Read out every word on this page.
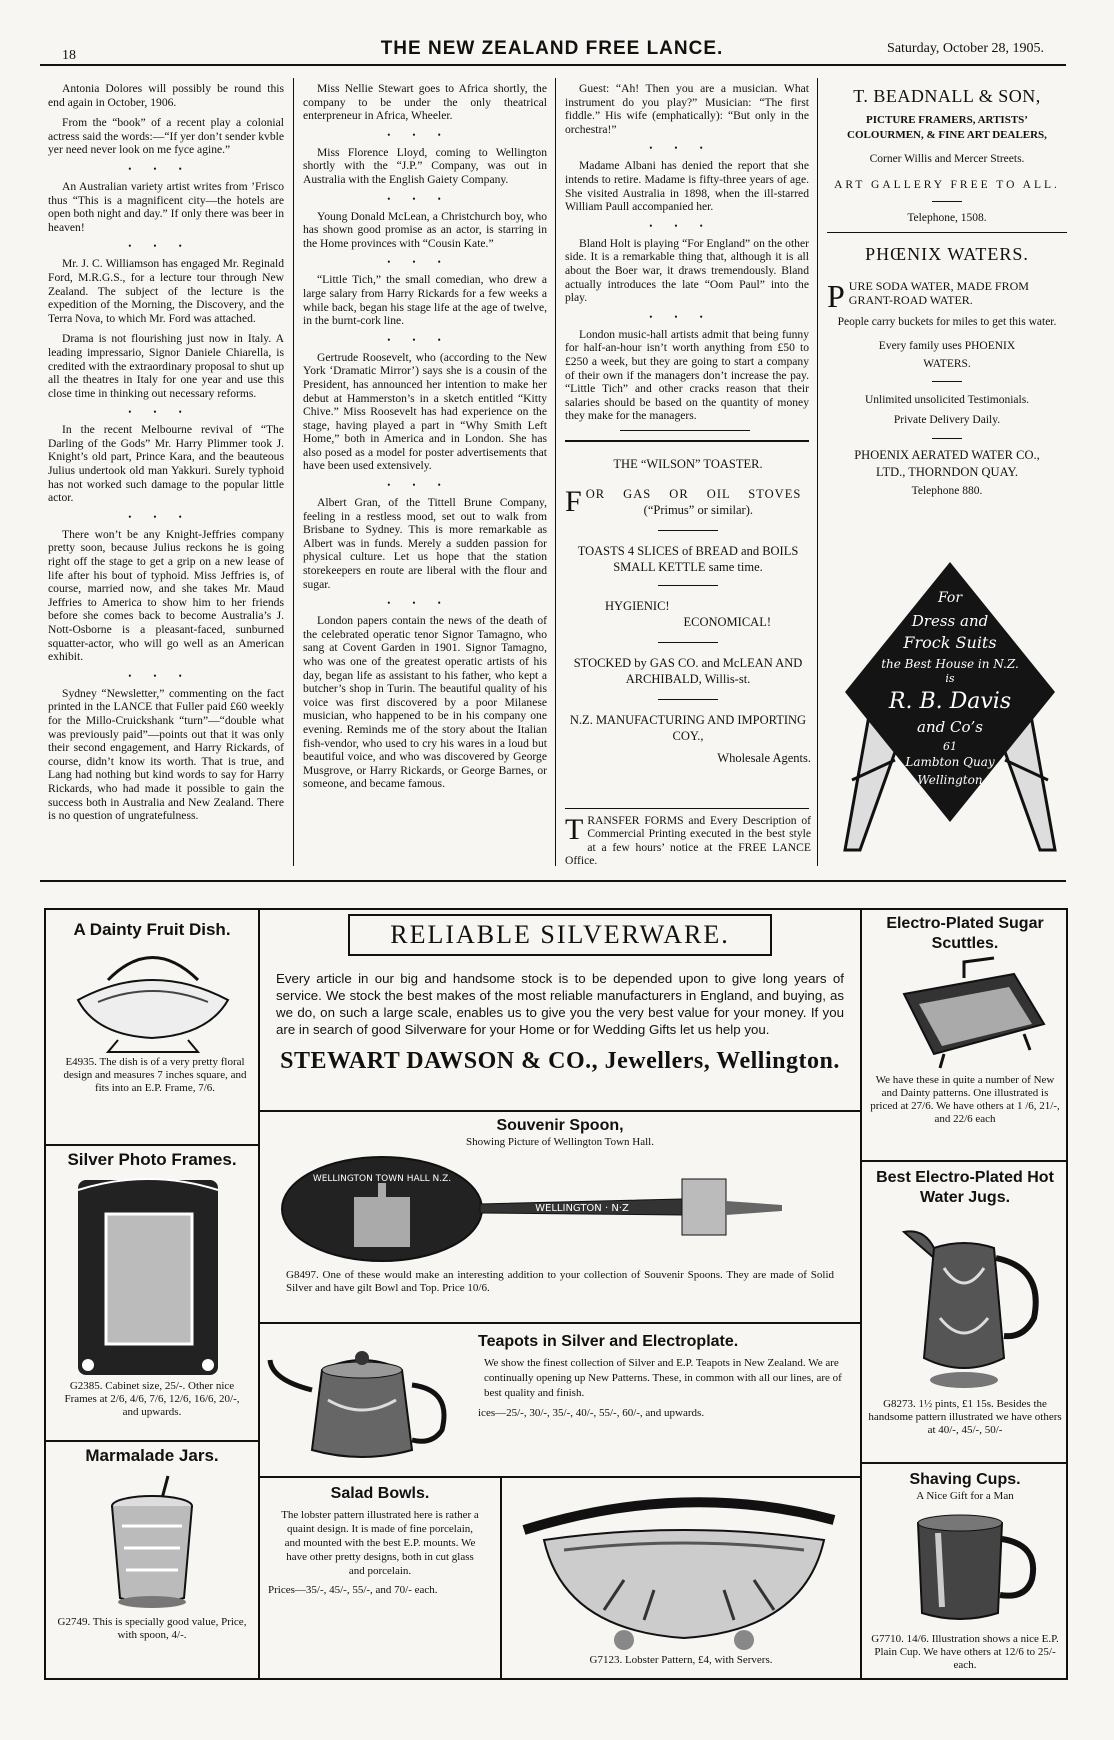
18	THE NEW ZEALAND FREE LANCE.	Saturday, October 28, 1905.

Antonia Dolores will possibly be round this end again in October, 1906.

From the “book” of a recent play a colonial actress said the words:—“If yer don’t sender kvble yer need never look on me fyce agine.”

•••

An Australian variety artist writes from ’Frisco thus “This is a magnificent city—the hotels are open both night and day.” If only there was beer in heaven!

•••

Mr. J. C. Williamson has engaged Mr. Reginald Ford, M.R.G.S., for a lecture tour through New Zealand. The subject of the lecture is the expedition of the Morning, the Discovery, and the Terra Nova, to which Mr. Ford was attached.

Drama is not flourishing just now in Italy. A leading impressario, Signor Daniele Chiarella, is credited with the extraordinary proposal to shut up all the theatres in Italy for one year and use this close time in thinking out necessary reforms.

•••

In the recent Melbourne revival of “The Darling of the Gods” Mr. Harry Plimmer took J. Knight’s old part, Prince Kara, and the beauteous Julius undertook old man Yakkuri. Surely typhoid has not worked such damage to the popular little actor.

•••

There won’t be any Knight-Jeffries company pretty soon, because Julius reckons he is going right off the stage to get a grip on a new lease of life after his bout of typhoid. Miss Jeffries is, of course, married now, and she takes Mr. Maud Jeffries to America to show him to her friends before she comes back to become Australia’s J. Nott-Osborne is a pleasant-faced, sunburned squatter-actor, who will go well as an American exhibit.

•••

Sydney “Newsletter,” commenting on the fact printed in the LANCE that Fuller paid £60 weekly for the Millo-Cruickshank “turn”—“double what was previously paid”—points out that it was only their second engagement, and Harry Rickards, of course, didn’t know its worth. That is true, and Lang had nothing but kind words to say for Harry Rickards, who had made it possible to gain the success both in Australia and New Zealand. There is no question of ungratefulness.

Miss Nellie Stewart goes to Africa shortly, the company to be under the only theatrical enterpreneur in Africa, Wheeler.

•••

Miss Florence Lloyd, coming to Wellington shortly with the “J.P.” Company, was out in Australia with the English Gaiety Company.

•••

Young Donald McLean, a Christchurch boy, who has shown good promise as an actor, is starring in the Home provinces with “Cousin Kate.”

•••

“Little Tich,” the small comedian, who drew a large salary from Harry Rickards for a few weeks a while back, began his stage life at the age of twelve, in the burnt-cork line.

•••

Gertrude Roosevelt, who (according to the New York ‘Dramatic Mirror’) says she is a cousin of the President, has announced her intention to make her debut at Hammerston’s in a sketch entitled “Kitty Chive.” Miss Roosevelt has had experience on the stage, having played a part in “Why Smith Left Home,” both in America and in London. She has also posed as a model for poster advertisements that have been used extensively.

•••

Albert Gran, of the Tittell Brune Company, feeling in a restless mood, set out to walk from Brisbane to Sydney. This is more remarkable as Albert was in funds. Merely a sudden passion for physical culture. Let us hope that the station storekeepers en route are liberal with the flour and sugar.

•••

London papers contain the news of the death of the celebrated operatic tenor Signor Tamagno, who sang at Covent Garden in 1901. Signor Tamagno, who was one of the greatest operatic artists of his day, began life as assistant to his father, who kept a butcher’s shop in Turin. The beautiful quality of his voice was first discovered by a poor Milanese musician, who happened to be in his company one evening. Reminds me of the story about the Italian fish-vendor, who used to cry his wares in a loud but beautiful voice, and who was discovered by George Musgrove, or Harry Rickards, or George Barnes, or someone, and became famous.

Guest: “Ah! Then you are a musician. What instrument do you play?” Musician: “The first fiddle.” His wife (emphatically): “But only in the orchestra!”

•••

Madame Albani has denied the report that she intends to retire. Madame is fifty-three years of age. She visited Australia in 1898, when the ill-starred William Paull accompanied her.

•••

Bland Holt is playing “For England” on the other side. It is a remarkable thing that, although it is all about the Boer war, it draws tremendously. Bland actually introduces the late “Oom Paul” into the play.

•••

London music-hall artists admit that being funny for half-an-hour isn’t worth anything from £50 to £250 a week, but they are going to start a company of their own if the managers don’t increase the pay. “Little Tich” and other cracks reason that their salaries should be based on the quantity of money they make for the managers.

THE “WILSON” TOASTER.
F OR GAS OR OIL STOVES
(“Primus” or similar).
TOASTS 4 SLICES of BREAD and BOILS SMALL KETTLE same time.
HYGIENIC!
ECONOMICAL!
STOCKED by GAS CO. and McLEAN AND ARCHIBALD, Willis-st.
N.Z. MANUFACTURING AND IMPORTING COY.,
Wholesale Agents.
TRANSFER FORMS and Every Description of Commercial Printing executed in the best style at a few hours’ notice at the FREE LANCE Office.
T. BEADNALL & SON,
PICTURE FRAMERS, ARTISTS’ COLOURMEN, & FINE ART DEALERS,
Corner Willis and Mercer Streets.
ART GALLERY FREE TO ALL.
Telephone, 1508.
PHŒNIX WATERS.
P URE SODA WATER, MADE FROM GRANT-ROAD WATER.
People carry buckets for miles to get this water.
Every family uses PHOENIX WATERS.
Unlimited unsolicited Testimonials.
Private Delivery Daily.
PHOENIX AERATED WATER CO., LTD., THORNDON QUAY.
Telephone 880.
For
Dress and
Frock Suits
the Best House in N.Z.
is
R. B. Davis
and Co’s
61
Lambton Quay
Wellington
A Dainty Fruit Dish.
E4935. The dish is of a very pretty floral design and measures 7 inches square, and fits into an E.P. Frame, 7/6.
Silver Photo Frames.
G2385. Cabinet size, 25/-. Other nice Frames at 2/6, 4/6, 7/6, 12/6, 16/6, 20/-, and upwards.
Marmalade Jars.
G2749. This is specially good value, Price, with spoon, 4/-.
RELIABLE SILVERWARE.
Every article in our big and handsome stock is to be depended upon to give long years of service. We stock the best makes of the most reliable manufacturers in England, and buying, as we do, on such a large scale, enables us to give you the very best value for your money. If you are in search of good Silverware for your Home or for Wedding Gifts let us help you.
STEWART DAWSON & CO., Jewellers, Wellington.
Souvenir Spoon,
Showing Picture of Wellington Town Hall.
WELLINGTON TOWN HALL N.Z.
WELLINGTON · N·Z
G8497. One of these would make an interesting addition to your collection of Souvenir Spoons. They are made of Solid Silver and have gilt Bowl and Top. Price 10/6.
Teapots in Silver and Electroplate.
We show the finest collection of Silver and E.P. Teapots in New Zealand. We are continually opening up New Patterns. These, in common with all our lines, are of best quality and finish.
ices—25/-, 30/-, 35/-, 40/-, 55/-, 60/-, and upwards.
Salad Bowls.
The lobster pattern illustrated here is rather a quaint design. It is made of fine porcelain, and mounted with the best E.P. mounts. We have other pretty designs, both in cut glass and porcelain.
Prices—35/-, 45/-, 55/-, and 70/- each.
G7123. Lobster Pattern, £4, with Servers.
Electro-Plated Sugar Scuttles.
We have these in quite a number of New and Dainty patterns. One illustrated is priced at 27/6. We have others at 1 /6, 21/-, and 22/6 each
Best Electro-Plated Hot Water Jugs.
G8273. 1½ pints, £1 15s. Besides the handsome pattern illustrated we have others at 40/-, 45/-, 50/-
Shaving Cups.
A Nice Gift for a Man
G7710. 14/6. Illustration shows a nice E.P. Plain Cup. We have others at 12/6 to 25/- each.
